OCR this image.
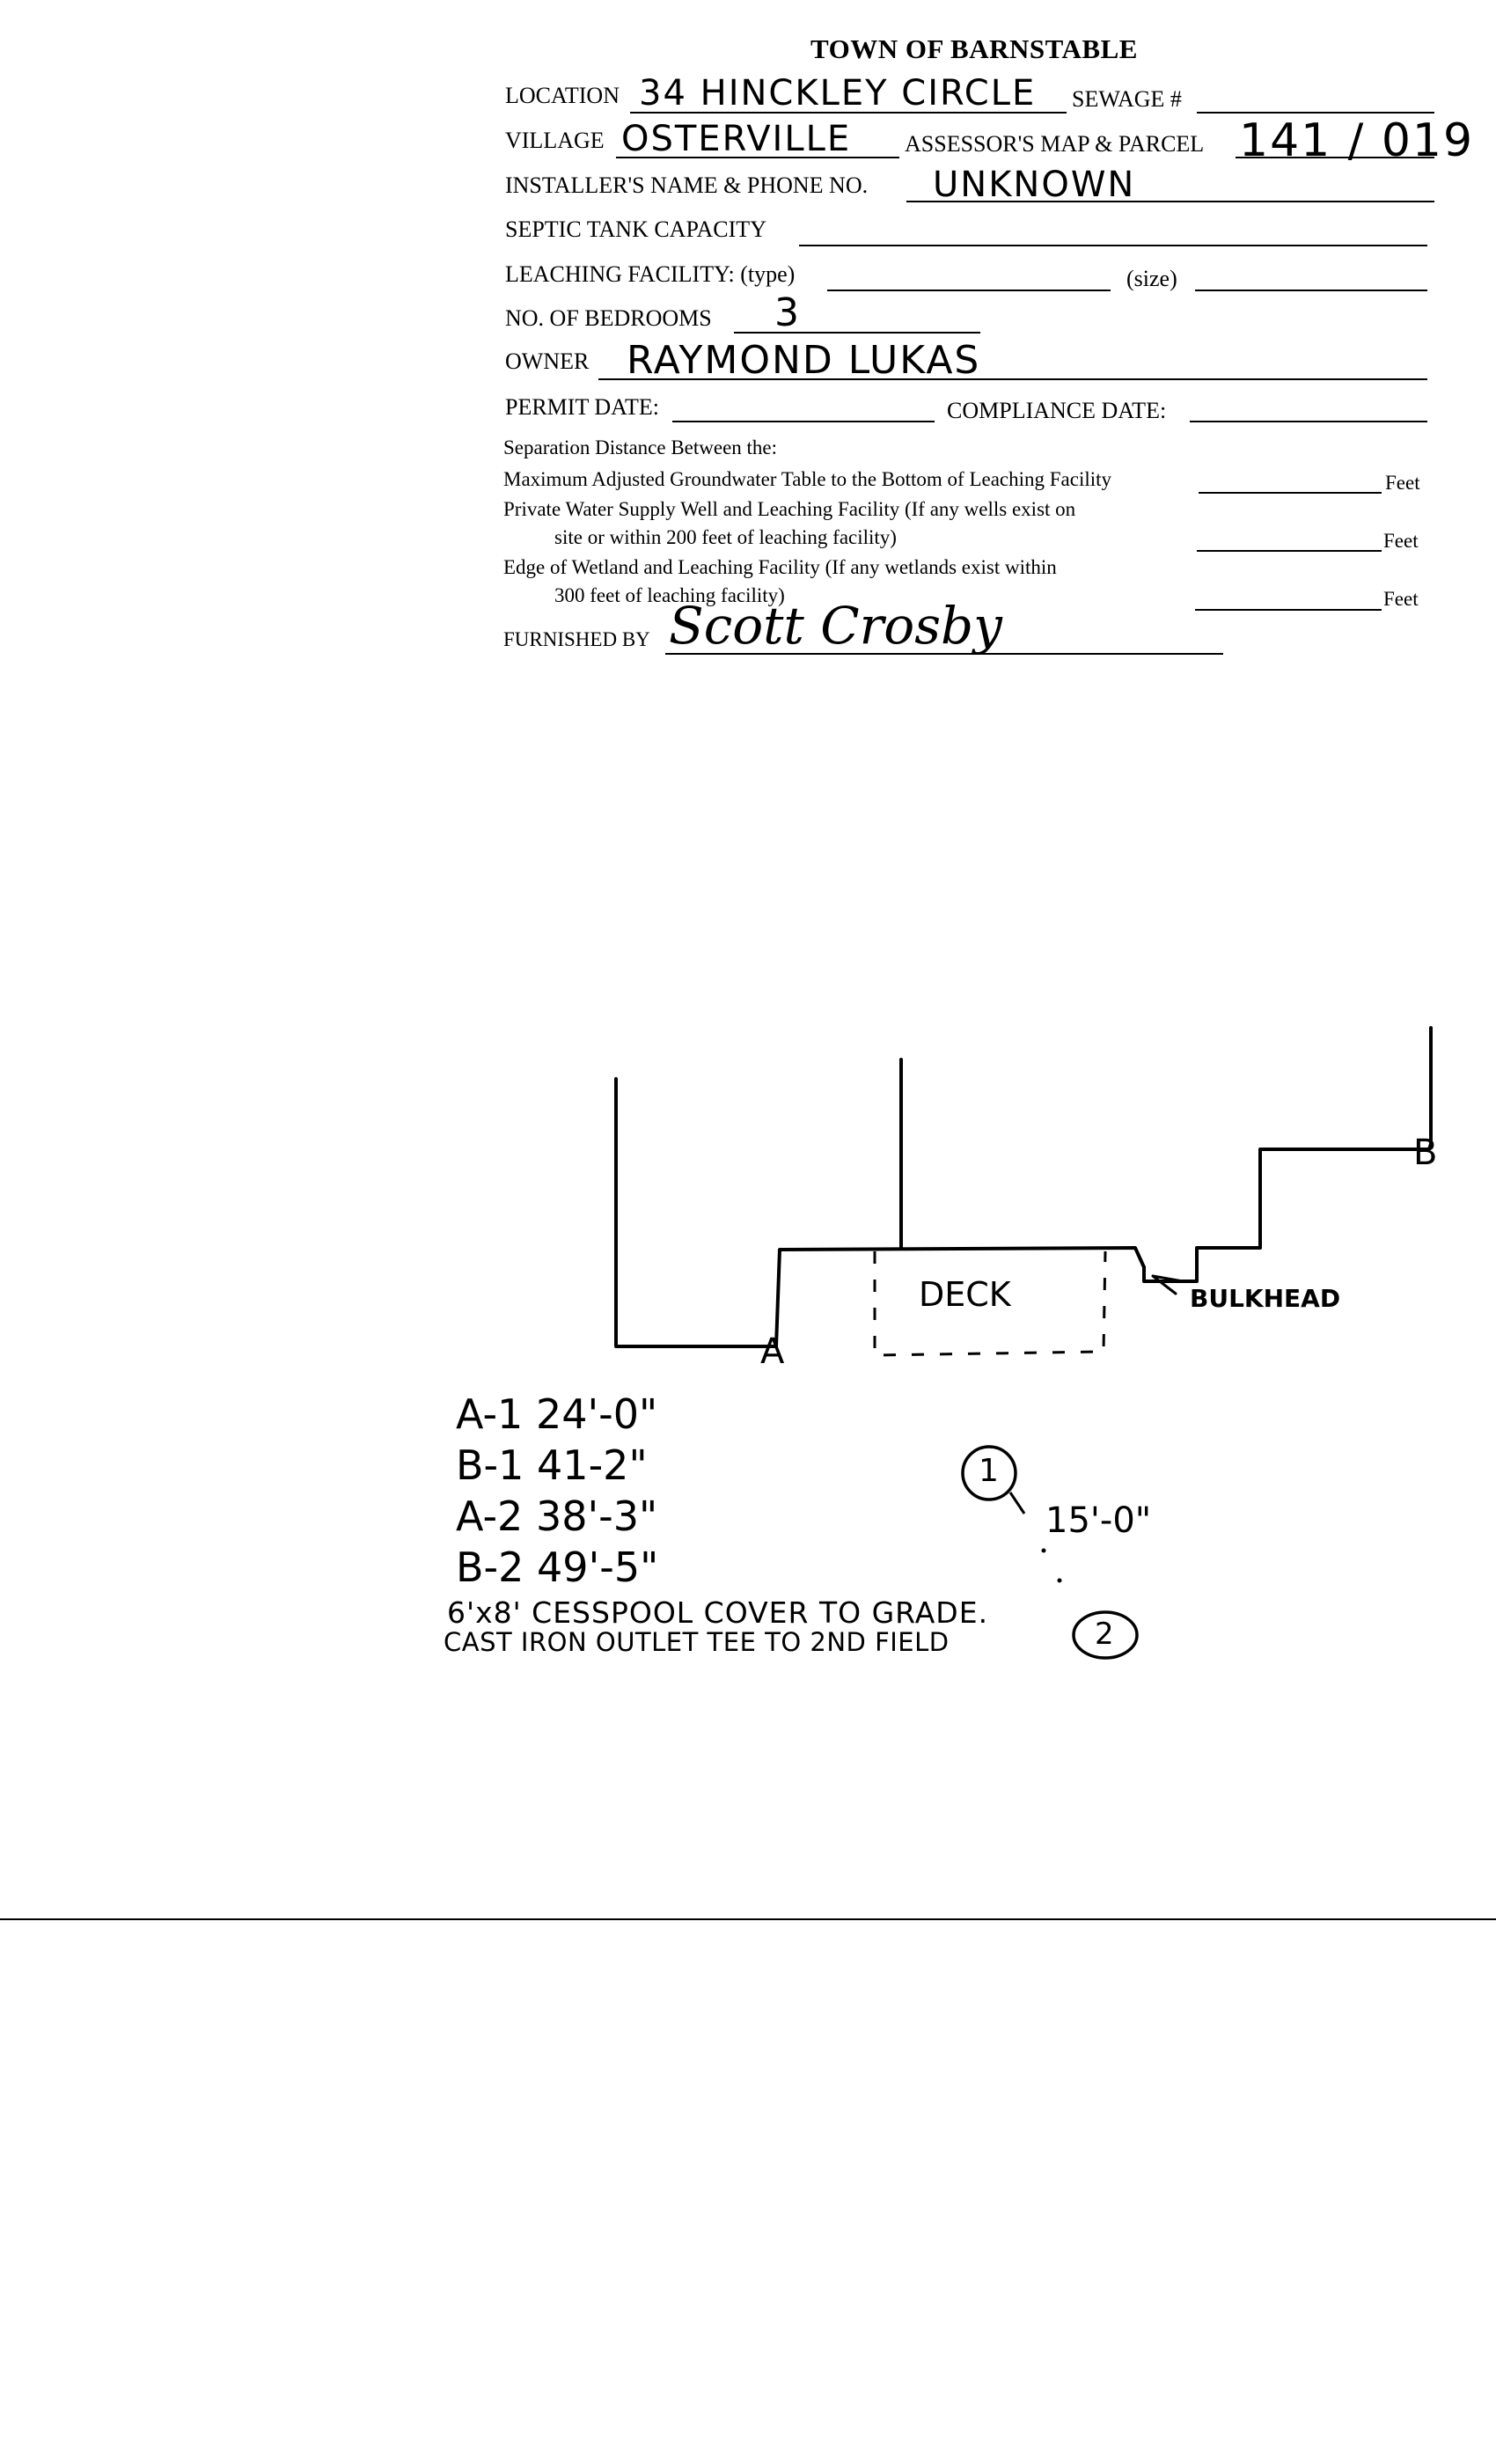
TOWN OF BARNSTABLE
LOCATION 34 HINCKLEY CIRCLE SEWAGE #
VILLAGE OSTERVILLE ASSESSOR'S MAP & PARCEL 141 / 019
INSTALLER'S NAME & PHONE NO. UNKNOWN
SEPTIC TANK CAPACITY
LEACHING FACILITY: (type)	(size)
NO. OF BEDROOMS 3
OWNER RAYMOND LUKAS
PERMIT DATE:	COMPLIANCE DATE:
Separation Distance Between the:
Maximum Adjusted Groundwater Table to the Bottom of Leaching Facility	Feet
Private Water Supply Well and Leaching Facility (If any wells exist on
site or within 200 feet of leaching facility)	Feet
Edge of Wetland and Leaching Facility (If any wetlands exist within
300 feet of leaching facility)	Feet
FURNISHED BY Scott Crosby
DECK	BULKHEAD
A
B
A-1 24'-0"
B-1 41-2"
A-2 38'-3"
B-2 49'-5"
1
15'-0"
2
6'x8' CESSPOOL COVER TO GRADE.
CAST IRON OUTLET TEE TO 2ND FIELD
